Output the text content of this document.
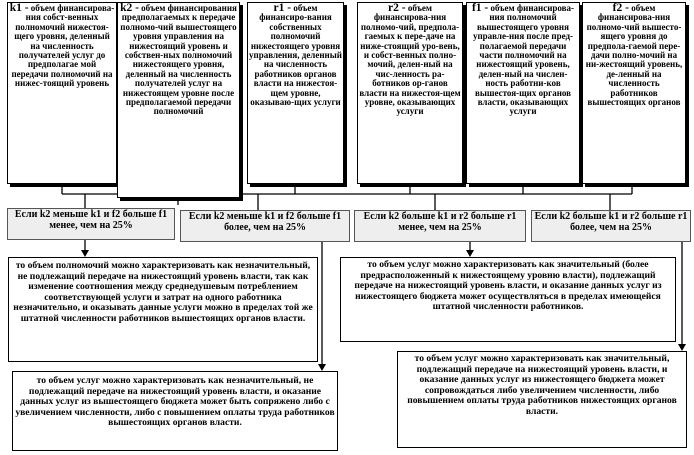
k1 - объем финансирова-ния собст-венных полномочий нижестоя-щего уровня, деленный на численность получателей услуг до предполагае мой передачи полномочий на нижес-тоящий уровень
k2 - объем финансирования предполагаемых к передаче полномо-чий вышестоящего уровня управления на нижестоящий уровень и собствен-ных полномочий нижестоящего уровня, деленный на численность получателей услуг на нижестоящем уровне после предполагаемой передачи полномочий
r1 - объем финансиро-вания собственных полномочий нижестоящего уровня управления, деленный на численность работников органов власти на нижестоя-щем уровне, оказываю-щих услуги
r2 - объем финансирова-ния полномо-чий, предпола-гаемых к пере-даче на ниже-стоящий уро-вень, и собст-венных полно-мочий, делен-ный на чис-ленность ра-ботников ор-ганов власти на нижестоя-щем уровне, оказывающих услуги
f1 - объем финансирова-ния полномочий вышестоящего уровня управле-ния после пред-полагаемой передачи части полномочий на нижестоящий уровень, делен-ный на числен-ность работни-ков вышестоя-щих органов власти, оказывающих услуги
f2 - объем финансирова-ния полномо-чий вышесто-ящего уровня до предпола-гаемой пере-дачи полно-мочий на ни-жестоящий уровень, де-ленный на численность работников вышестоящих органов
Если k2 меньше k1 и f2 больше f1 менее, чем на 25%
Если k2 меньше k1 и f2 больше f1 более, чем на 25%
Если k2 больше k1 и r2 больше r1 менее, чем на 25%
Если k2 больше k1 и r2 больше r1 более, чем на 25%
то объем полномочий можно характеризовать как незначительный, не подлежащий передаче на нижестоящий уровень власти, так как изменение соотношения между среднедушевым потреблением соответствующей услуги и затрат на одного работника незначительно, и оказывать данные услуги можно в пределах той же штатной численности работников вышестоящих органов власти.
то объем услуг можно характеризовать как незначительный, не подлежащий передаче на нижестоящий уровень власти, и оказание данных услуг из вышестоящего бюджета может быть сопряжено либо с увеличением численности, либо с повышением оплаты труда работников вышестоящих органов власти.
то объем услуг можно характеризовать как значительный (более предрасположенный к нижестоящему уровню власти), подлежащий передаче на нижестоящий уровень власти, и оказание данных услуг из нижестоящего бюджета может осуществляться в пределах имеющейся штатной численности работников.
то объем услуг можно характеризовать как значительный, подлежащий передаче на нижестоящий уровень власти, и оказание данных услуг из нижестоящего бюджета может сопровождаться либо увеличением численности, либо повышением оплаты труда работников нижестоящих органов власти.
